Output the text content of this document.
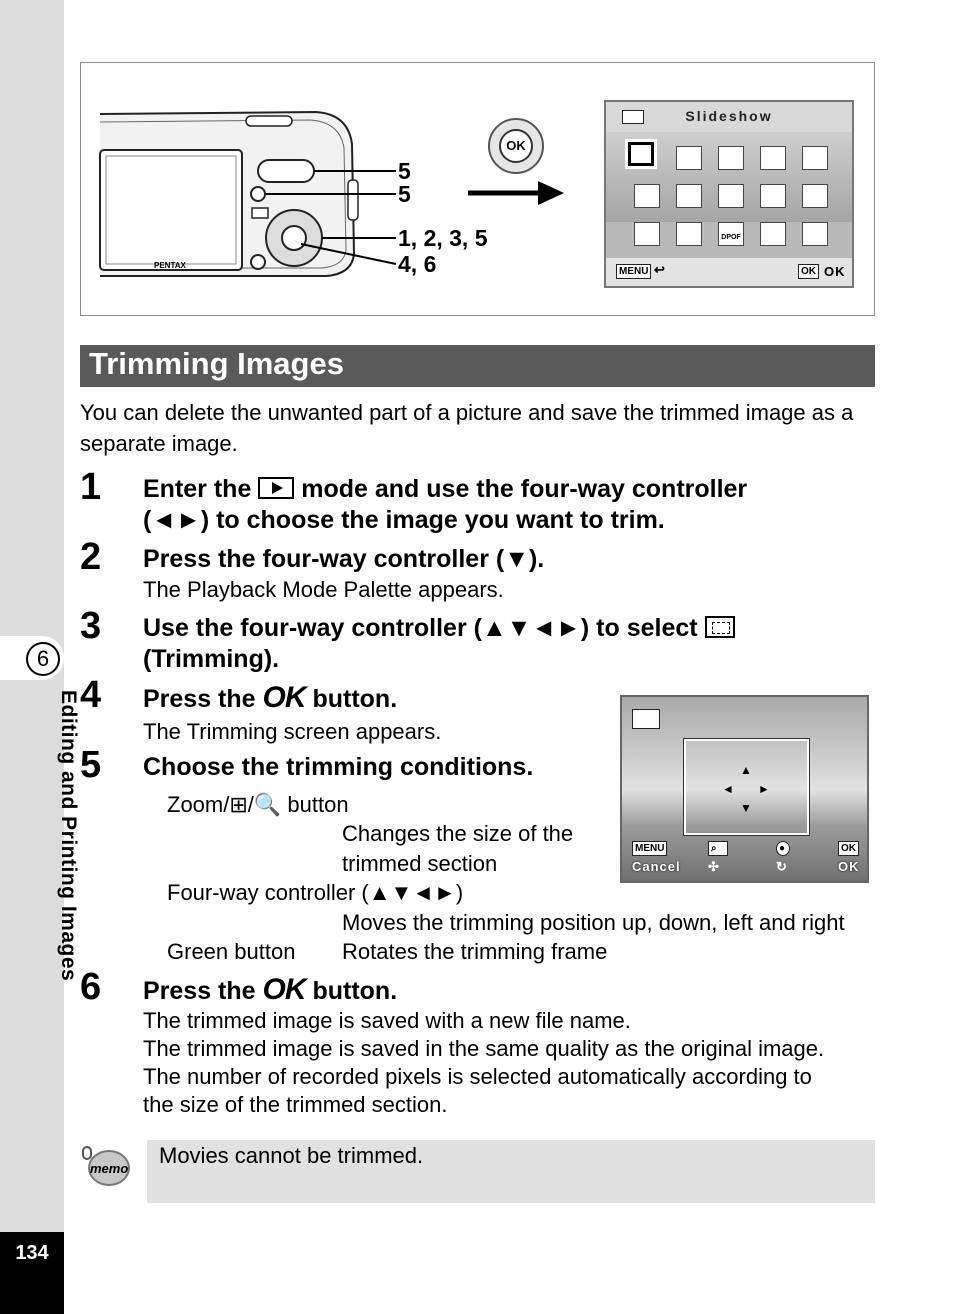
6
Editing and Printing Images
134
PENTAX
5
5
1, 2, 3, 5
4, 6
OK
Slideshow
DPOF
MENU ↩	OK OK
Trimming Images
You can delete the unwanted part of a picture and save the trimmed image as a separate image.
1 Enter the mode and use the four-way controller
(◄►) to choose the image you want to trim.
2 Press the four-way controller (▼).
The Playback Mode Palette appears.
3 Use the four-way controller (▲▼◄►) to select
(Trimming).
4 Press the OK button.
The Trimming screen appears.
5 Choose the trimming conditions.
Zoom/⊞/🔍 button
Changes the size of the
trimmed section
Four-way controller (▲▼◄►)
Moves the trimming position up, down, left and right
Green button Rotates the trimming frame
▲
▼
◄ ►
MENU	⌕	●	OK
Cancel ✣	↻	OK
6 Press the OK button.
The trimmed image is saved with a new file name.
The trimmed image is saved in the same quality as the original image.
The number of recorded pixels is selected automatically according to
the size of the trimmed section.
memo
Movies cannot be trimmed.
